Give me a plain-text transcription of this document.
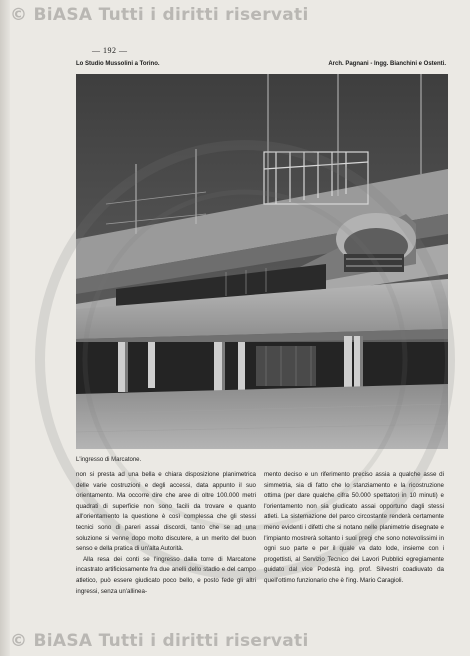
© BiASA Tutti i diritti riservati
— 192 —
Lo Studio Mussolini a Torino.	Arch. Pagnani - Ingg. Bianchini e Ostenti.
L'ingresso di Marcatone.

non si presta ad una bella e chiara disposizione planimetrica delle varie costruzioni e degli accessi, data appunto il suo orientamento. Ma occorre dire che aree di oltre 100.000 metri quadrati di superficie non sono facili da trovare e quanto all'orientamento la questione è così complessa che gli stessi tecnici sono di pareri assai discordi, tanto che se ad una soluzione si venne dopo molto discutere, a un merito del buon senso e della pratica di un'alta Autorità.

Alla resa dei conti se l'ingresso dalla torre di Marcatone incastrato artificiosamente fra due anelli dello stadio e del campo atletico, può essere giudicato poco bello, e posto fede gli altri ingressi, senza un'allinea-

mento deciso e un riferimento preciso assia a qualche asse di simmetria, sia di fatto che lo stanziamento e la ricostruzione ottima (per dare qualche cifra 50.000 spettatori in 10 minuti) e l'orientamento non sia giudicato assai opportuno dagli stessi atleti. La sistemazione del parco circostante renderà certamente meno evidenti i difetti che si notano nelle planimetrie disegnate e l'impianto mostrerà soltanto i suoi pregi che sono notevolissimi in ogni suo parte e per il quale va dato lode, insieme con i progettisti, al Servizio Tecnico dei Lavori Pubblici egregiamente guidato dal vice Podestà ing. prof. Silvestri coadiuvato da quell'ottimo funzionario che è l'ing. Mario Caragioli.

© BiASA Tutti i diritti riservati
